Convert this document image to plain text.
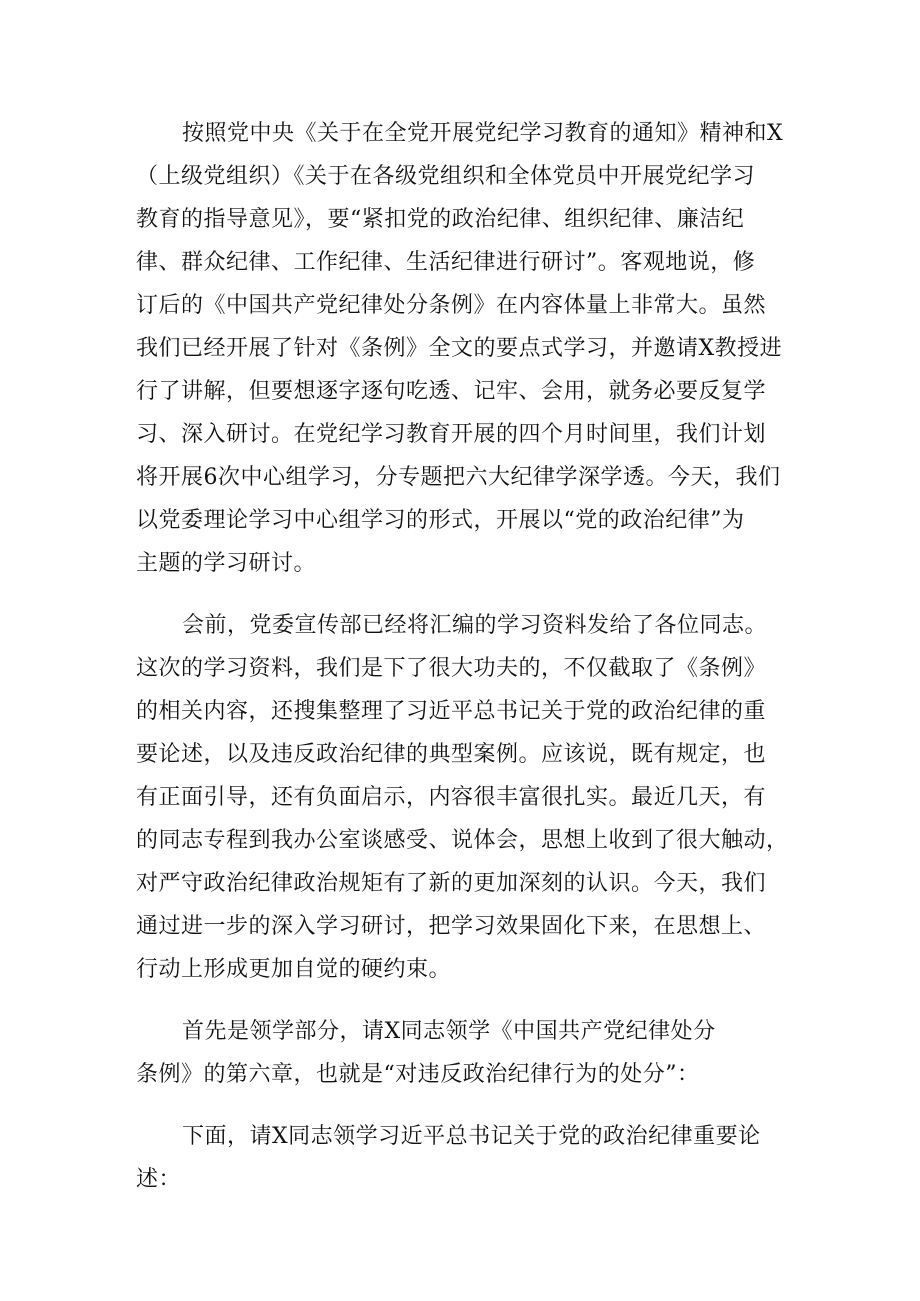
按照党中央《关于在全党开展党纪学习教育的通知》精神和X
（上级党组织）《关于在各级党组织和全体党员中开展党纪学习
教育的指导意见》，要“紧扣党的政治纪律、组织纪律、廉洁纪
律、群众纪律、工作纪律、生活纪律进行研讨”。客观地说，修
订后的《中国共产党纪律处分条例》在内容体量上非常大。虽然
我们已经开展了针对《条例》全文的要点式学习，并邀请X教授进
行了讲解，但要想逐字逐句吃透、记牢、会用，就务必要反复学
习、深入研讨。在党纪学习教育开展的四个月时间里，我们计划
将开展6次中心组学习，分专题把六大纪律学深学透。今天，我们
以党委理论学习中心组学习的形式，开展以“党的政治纪律”为
主题的学习研讨。
会前，党委宣传部已经将汇编的学习资料发给了各位同志。
这次的学习资料，我们是下了很大功夫的，不仅截取了《条例》
的相关内容，还搜集整理了习近平总书记关于党的政治纪律的重
要论述，以及违反政治纪律的典型案例。应该说，既有规定，也
有正面引导，还有负面启示，内容很丰富很扎实。最近几天，有
的同志专程到我办公室谈感受、说体会，思想上收到了很大触动，
对严守政治纪律政治规矩有了新的更加深刻的认识。今天，我们
通过进一步的深入学习研讨，把学习效果固化下来，在思想上、
行动上形成更加自觉的硬约束。
首先是领学部分，请X同志领学《中国共产党纪律处分
条例》的第六章，也就是“对违反政治纪律行为的处分”：
下面，请X同志领学习近平总书记关于党的政治纪律重要论
述：
